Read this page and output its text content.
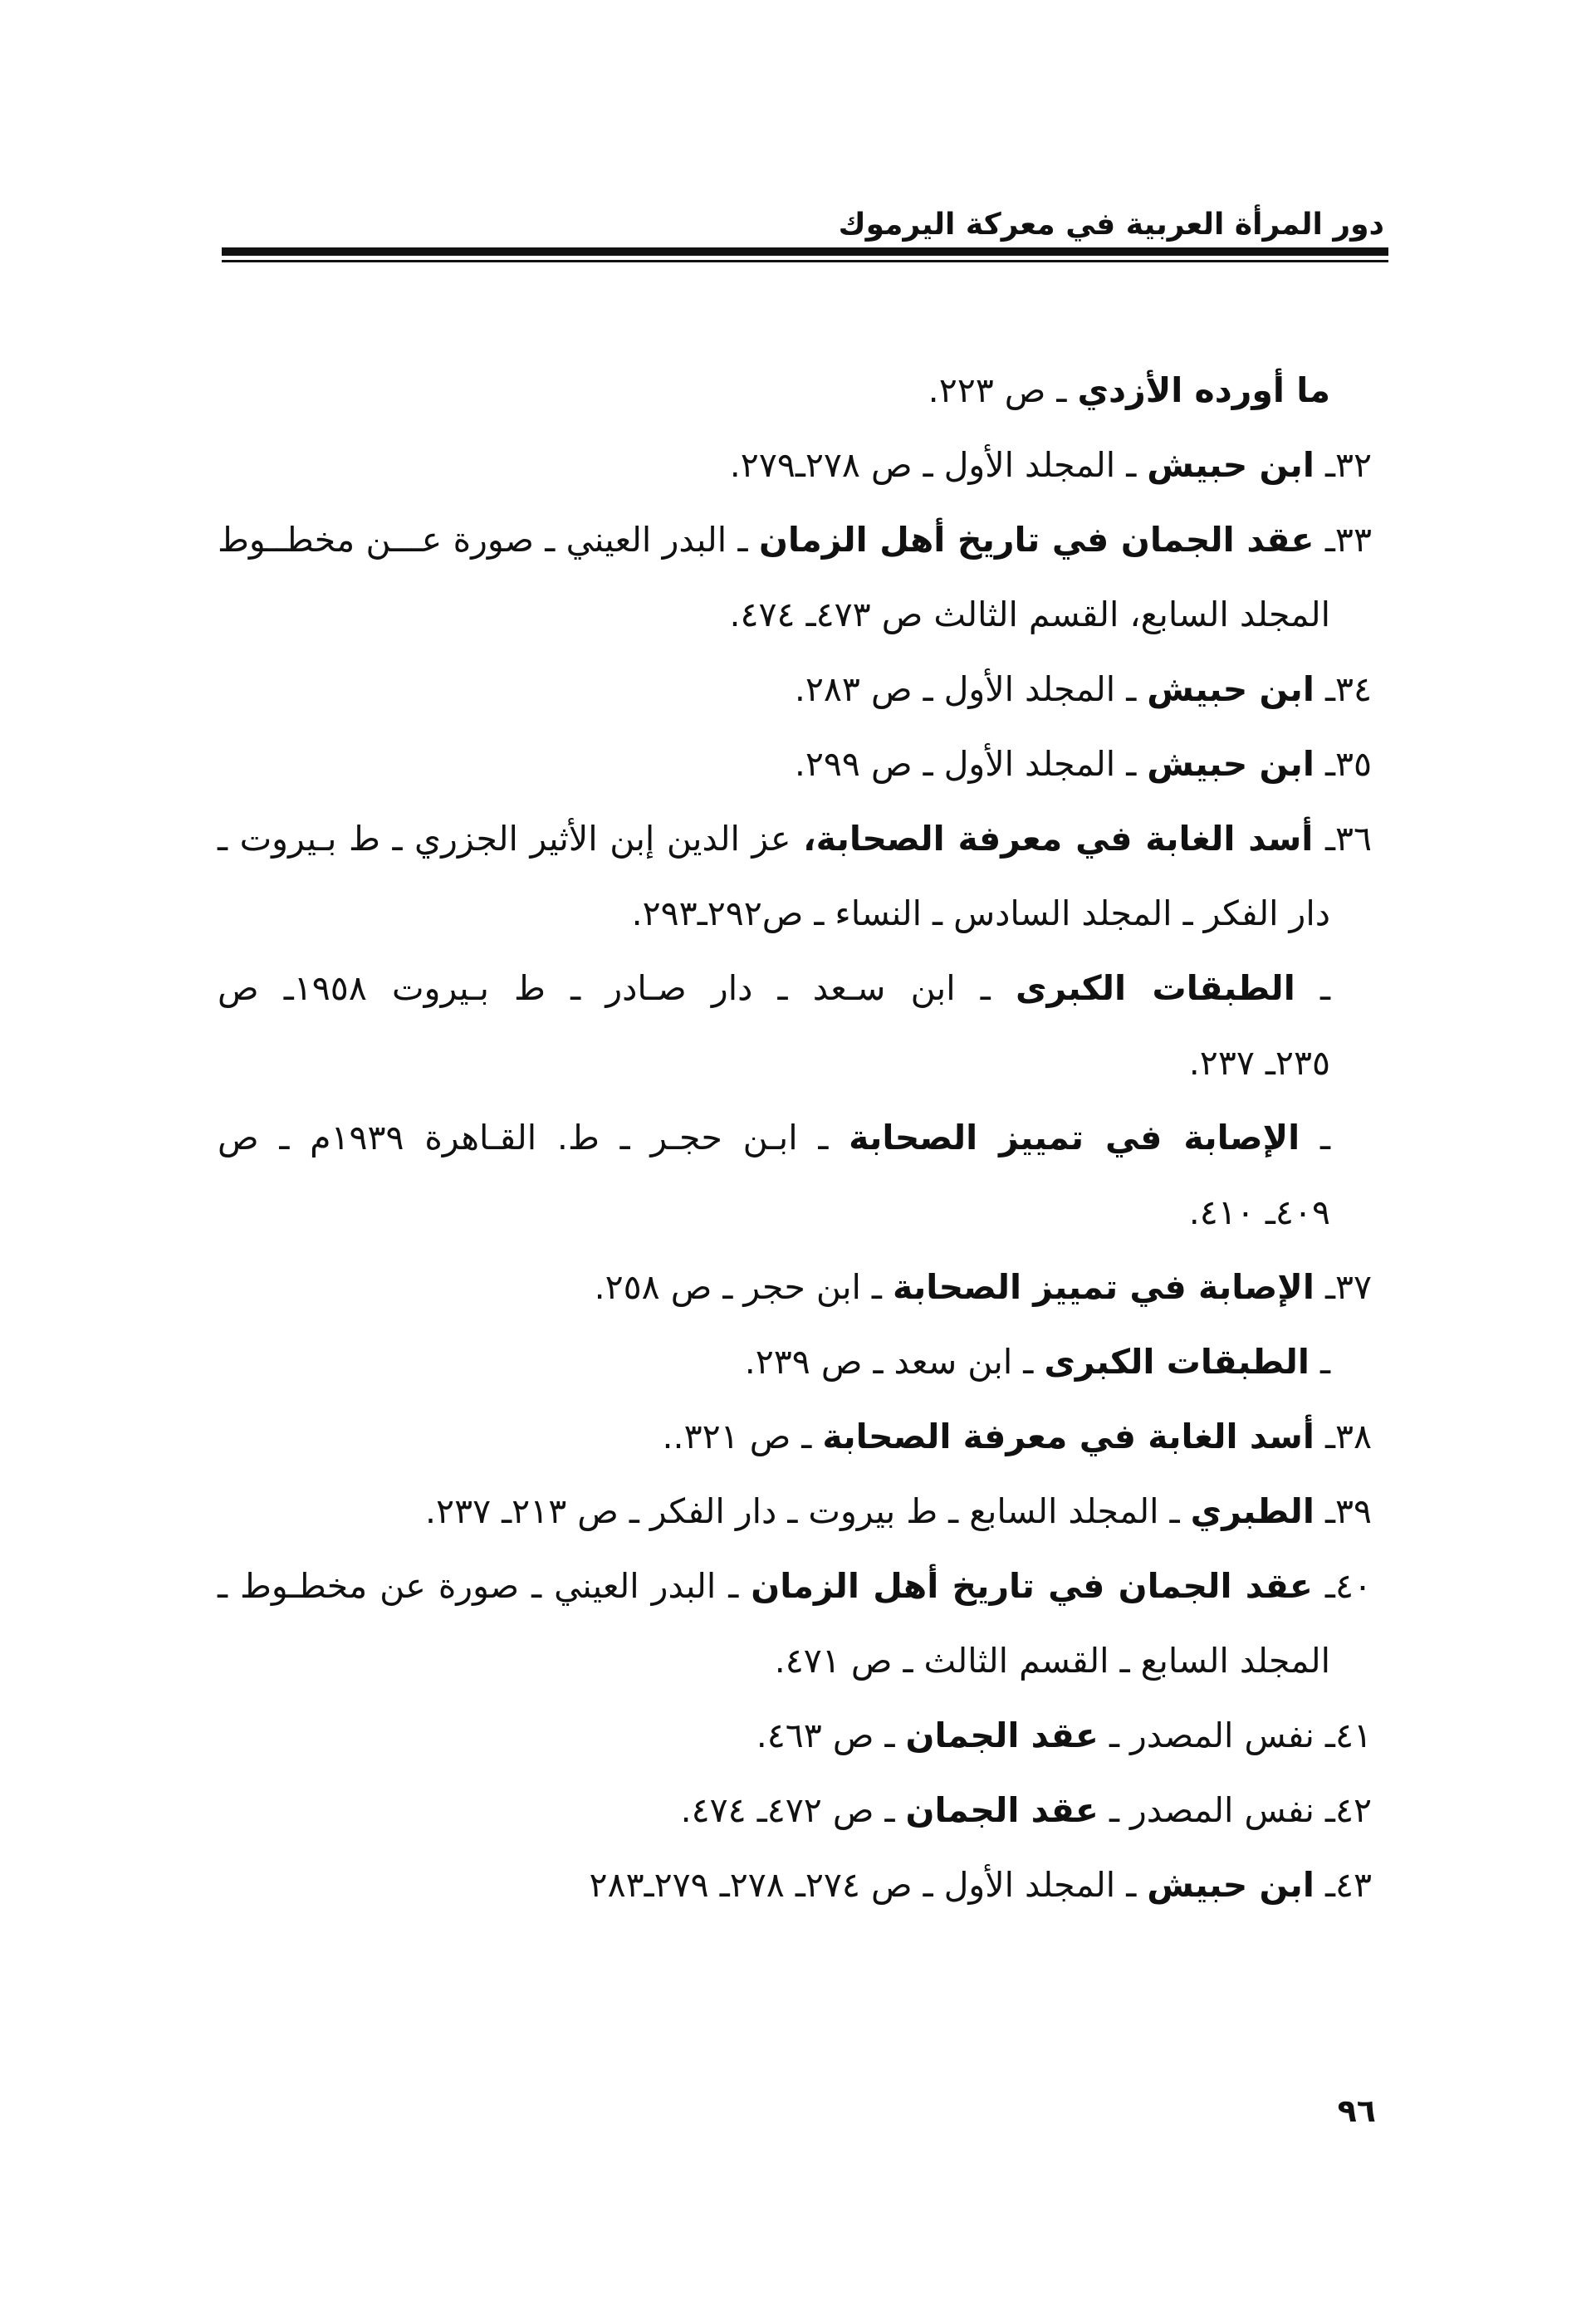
دور المرأة العربية في معركة اليرموك
ما أورده الأزدي ـ ص ٢٢٣.
٣٢ـ ابن حبيش ـ المجلد الأول ـ ص ٢٧٨ـ٢٧٩.
٣٣ـ عقد الجمان في تاريخ أهل الزمان ـ البدر العيني ـ صورة عـــن مخطــوط
المجلد السابع، القسم الثالث ص ٤٧٣ـ ٤٧٤.
٣٤ـ ابن حبيش ـ المجلد الأول ـ ص ٢٨٣.
٣٥ـ ابن حبيش ـ المجلد الأول ـ ص ٢٩٩.
٣٦ـ أسد الغابة في معرفة الصحابة، عز الدين إبن الأثير الجزري ـ ط بـيروت ـ
دار الفكر ـ المجلد السادس ـ النساء ـ ص٢٩٢ـ٢٩٣.
ـ الطبقات الكبرى ـ ابن سـعد ـ دار صـادر ـ ط بـيروت ١٩٥٨ـ ص
٢٣٥ـ ٢٣٧.
ـ الإصابة في تمييز الصحابة ـ ابـن حجـر ـ ط. القـاهرة ١٩٣٩م ـ ص
٤٠٩ـ ٤١٠.
٣٧ـ الإصابة في تمييز الصحابة ـ ابن حجر ـ ص ٢٥٨.
ـ الطبقات الكبرى ـ ابن سعد ـ ص ٢٣٩.
٣٨ـ أسد الغابة في معرفة الصحابة ـ ص ٣٢١..
٣٩ـ الطبري ـ المجلد السابع ـ ط بيروت ـ دار الفكر ـ ص ٢١٣ـ ٢٣٧.
٤٠ـ عقد الجمان في تاريخ أهل الزمان ـ البدر العيني ـ صورة عن مخطـوط ـ
المجلد السابع ـ القسم الثالث ـ ص ٤٧١.
٤١ـ نفس المصدر ـ عقد الجمان ـ ص ٤٦٣.
٤٢ـ نفس المصدر ـ عقد الجمان ـ ص ٤٧٢ـ ٤٧٤.
٤٣ـ ابن حبيش ـ المجلد الأول ـ ص ٢٧٤ـ ٢٧٨ـ ٢٧٩ـ٢٨٣
٩٦
